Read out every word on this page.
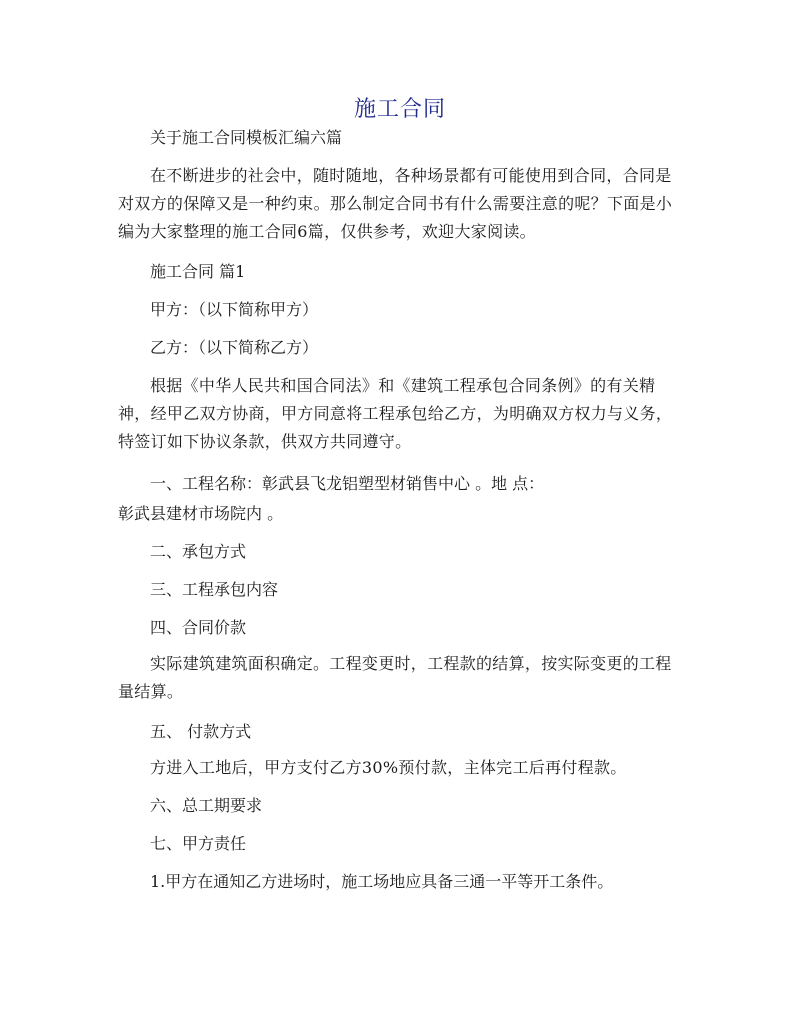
施工合同
关于施工合同模板汇编六篇
在不断进步的社会中，随时随地，各种场景都有可能使用到合同，合同是对双方的保障又是一种约束。那么制定合同书有什么需要注意的呢？下面是小编为大家整理的施工合同6篇，仅供参考，欢迎大家阅读。
施工合同 篇1
甲方：（以下简称甲方）
乙方：（以下简称乙方）
根据《中华人民共和国合同法》和《建筑工程承包合同条例》的有关精神，经甲乙双方协商，甲方同意将工程承包给乙方，为明确双方权力与义务，特签订如下协议条款，供双方共同遵守。
一、工程名称：彰武县飞龙铝塑型材销售中心 。地 点：
彰武县建材市场院内 。
二、承包方式
三、工程承包内容
四、合同价款
实际建筑建筑面积确定。工程变更时，工程款的结算，按实际变更的工程量结算。
五、 付款方式
方进入工地后，甲方支付乙方30%预付款，主体完工后再付程款。
六、总工期要求
七、甲方责任
1.甲方在通知乙方进场时，施工场地应具备三通一平等开工条件。
